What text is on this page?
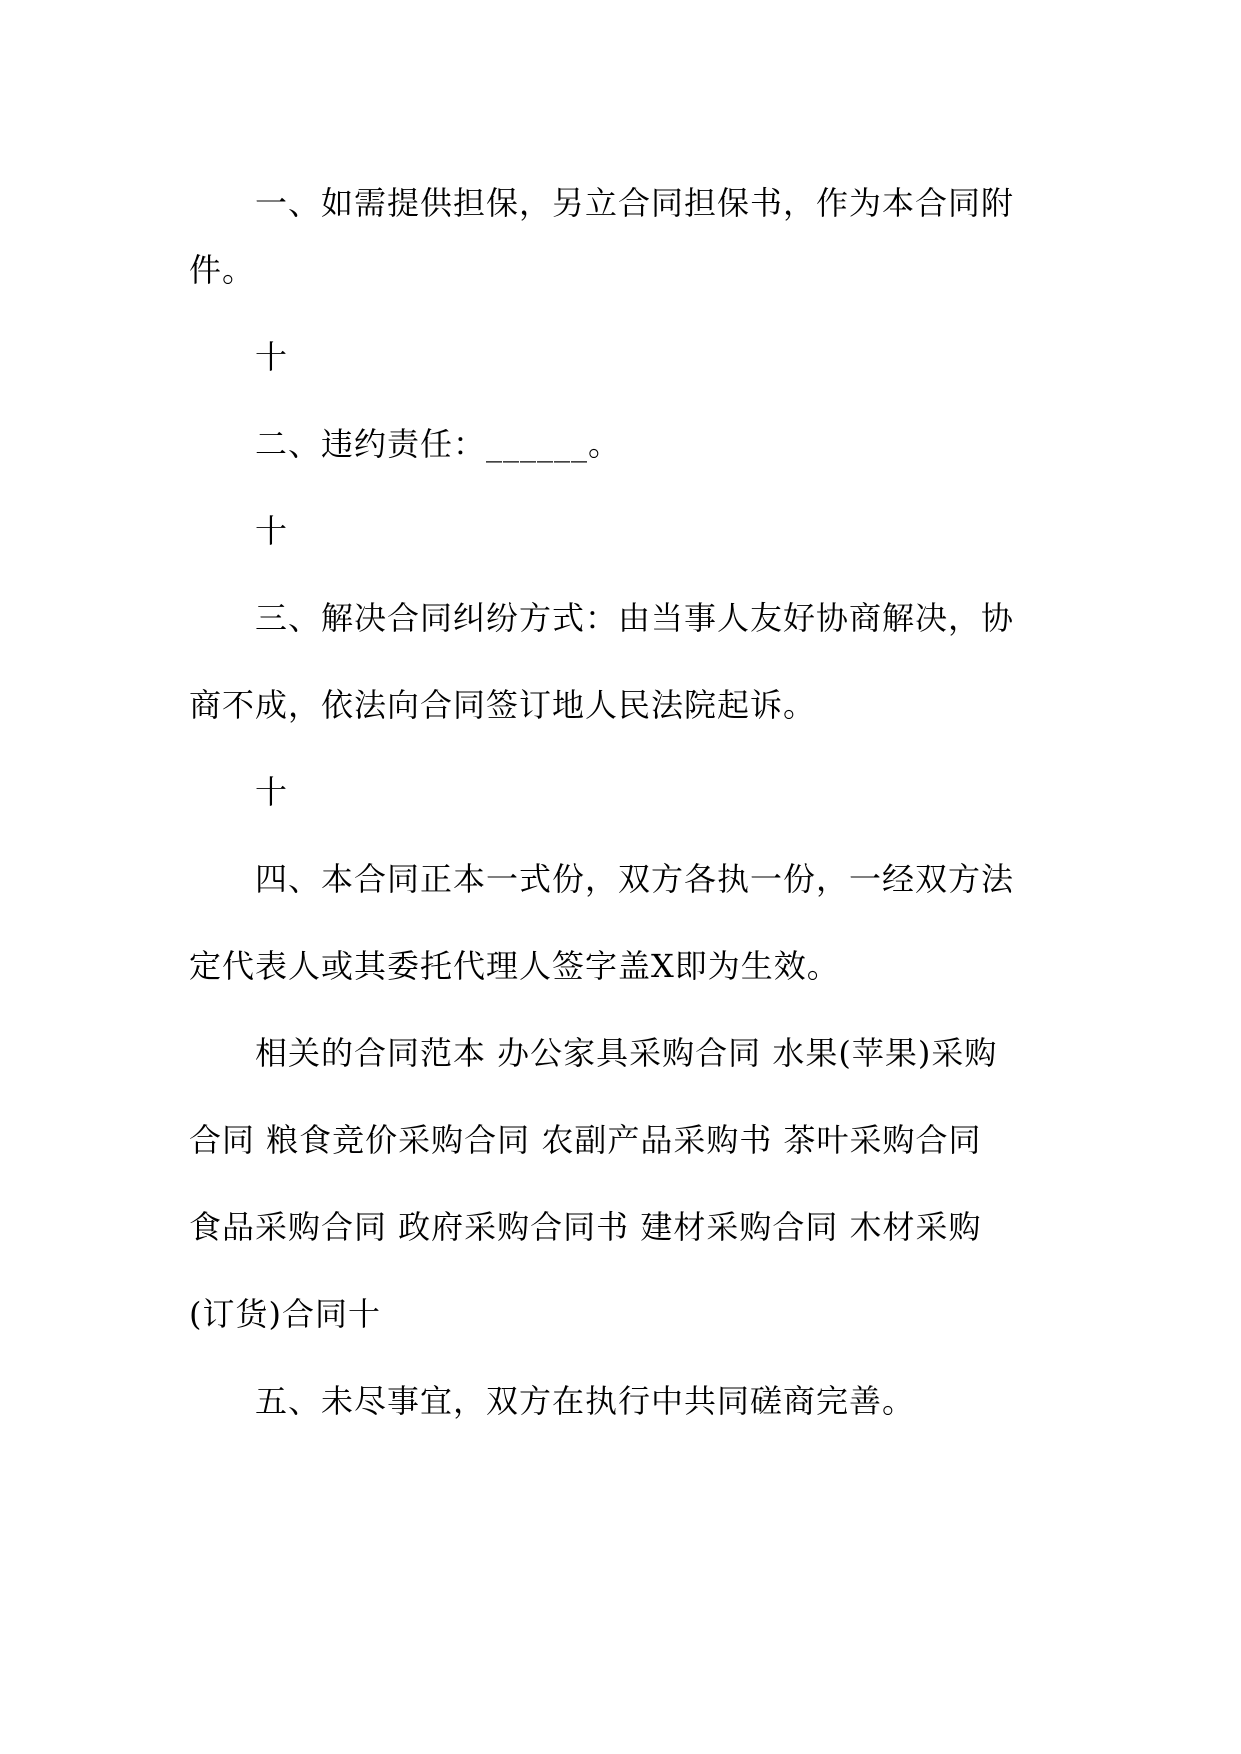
一、如需提供担保，另立合同担保书，作为本合同附
件。
十
二、违约责任：______。
十
三、解决合同纠纷方式：由当事人友好协商解决，协
商不成，依法向合同签订地人民法院起诉。
十
四、本合同正本一式份，双方各执一份，一经双方法
定代表人或其委托代理人签字盖X即为生效。
相关的合同范本 办公家具采购合同 水果(苹果)采购
合同 粮食竞价采购合同 农副产品采购书 茶叶采购合同
食品采购合同 政府采购合同书 建材采购合同 木材采购
(订货)合同十
五、未尽事宜，双方在执行中共同磋商完善。
